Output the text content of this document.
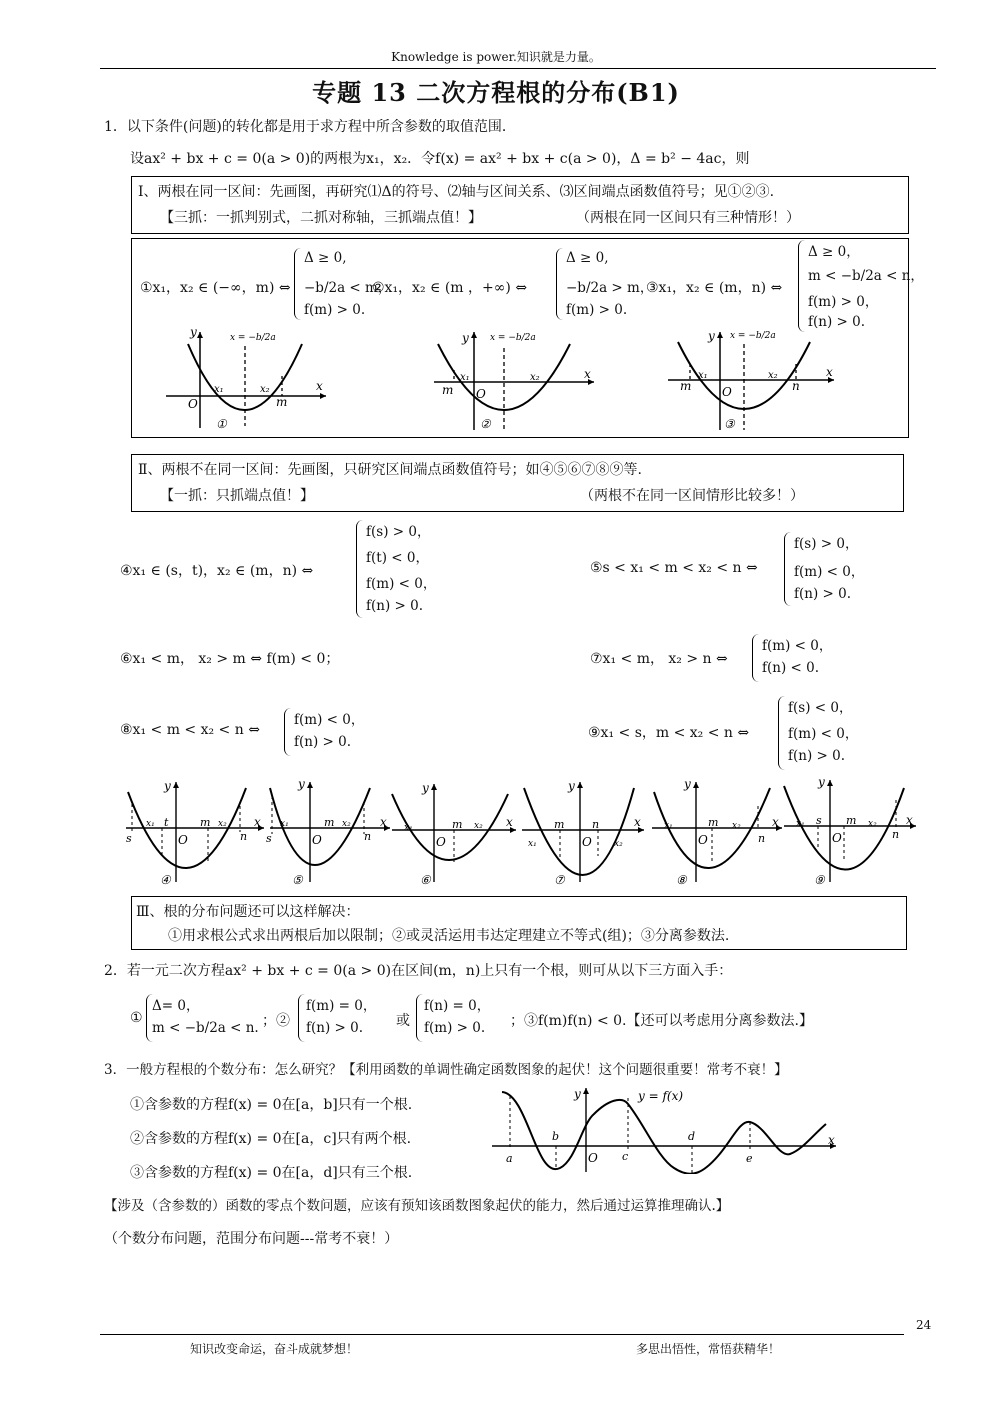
Knowledge is power.知识就是力量。
专题 13 二次方程根的分布(B1)
1．以下条件(问题)的转化都是用于求方程中所含参数的取值范围．
设ax² + bx + c = 0(a > 0)的两根为x₁，x₂．令f(x) = ax² + bx + c(a > 0)，Δ = b² − 4ac，则
Ⅰ、两根在同一区间：先画图，再研究⑴Δ的符号、⑵轴与区间关系、⑶区间端点函数值符号；见①②③.
【三抓：一抓判别式，二抓对称轴，三抓端点值！】	（两根在同一区间只有三种情形！）
①x₁，x₂ ∈ (−∞，m) ⇔
Δ ≥ 0,
−b/2a < m，
f(m) > 0.
②x₁，x₂ ∈ (m ，+∞) ⇔
Δ ≥ 0,
−b/2a > m，
f(m) > 0.
③x₁，x₂ ∈ (m，n) ⇔
Δ ≥ 0，
m < −b/2a < n，
f(m) > 0，
f(n) > 0.
y
x
O
x₁	x₂
m
x = −b/2a
①
y
x
O
x₁	x₂
m
x = −b/2a
②
y
x
O
x₁	x₂
m	n
x = −b/2a
③
Ⅱ、两根不在同一区间：先画图，只研究区间端点函数值符号；如④⑤⑥⑦⑧⑨等.
【一抓：只抓端点值！】	（两根不在同一区间情形比较多！）
④x₁ ∈ (s，t)，x₂ ∈ (m，n) ⇔
f(s) > 0，
f(t) < 0，
f(m) < 0，
f(n) > 0.
⑤s < x₁ < m < x₂ < n ⇔
f(s) > 0，
f(m) < 0，
f(n) > 0.
⑥x₁ < m， x₂ > m ⇔ f(m) < 0；	⑦x₁ < m， x₂ > n ⇔
f(m) < 0，
f(n) < 0.
⑧x₁ < m < x₂ < n ⇔
f(m) < 0，
f(n) > 0.
⑨x₁ < s，m < x₂ < n ⇔
f(s) < 0，
f(m) < 0，
f(n) > 0.
y
x
O
s
x₁ t	m x₂
n
④
y
x
O
s
x₁	m x₂
n
⑤
y
x
O
x₁	m x₂
⑥
y
x
O
m	n
x₁	x₂
⑦
y
x
O
x₁	m x₂
n
⑧
y
x
O
x₁ s m x₂
n
⑨
Ⅲ、根的分布问题还可以这样解决：
①用求根公式求出两根后加以限制；②或灵活运用韦达定理建立不等式(组)；③分离参数法.
2．若一元二次方程ax² + bx + c = 0(a > 0)在区间(m，n)上只有一个根，则可从以下三方面入手：
①
Δ= 0，
m < −b/2a < n. ；②
f(m) = 0，
f(n) > 0. 或
f(n) = 0，
f(m) > 0. ；③f(m)f(n) < 0.【还可以考虑用分离参数法.】
3．一般方程根的个数分布：怎么研究？【利用函数的单调性确定函数图象的起伏！这个问题很重要！常考不衰！】
①含参数的方程f(x) = 0在[a，b]只有一个根.
②含参数的方程f(x) = 0在[a，c]只有两个根.
③含参数的方程f(x) = 0在[a，d]只有三个根.
y	y = f(x)
x
a
b
O c
d
e
【涉及（含参数的）函数的零点个数问题，应该有预知该函数图象起伏的能力，然后通过运算推理确认.】
（个数分布问题，范围分布问题---常考不衰！）
24
知识改变命运，奋斗成就梦想！	多思出悟性，常悟获精华！
